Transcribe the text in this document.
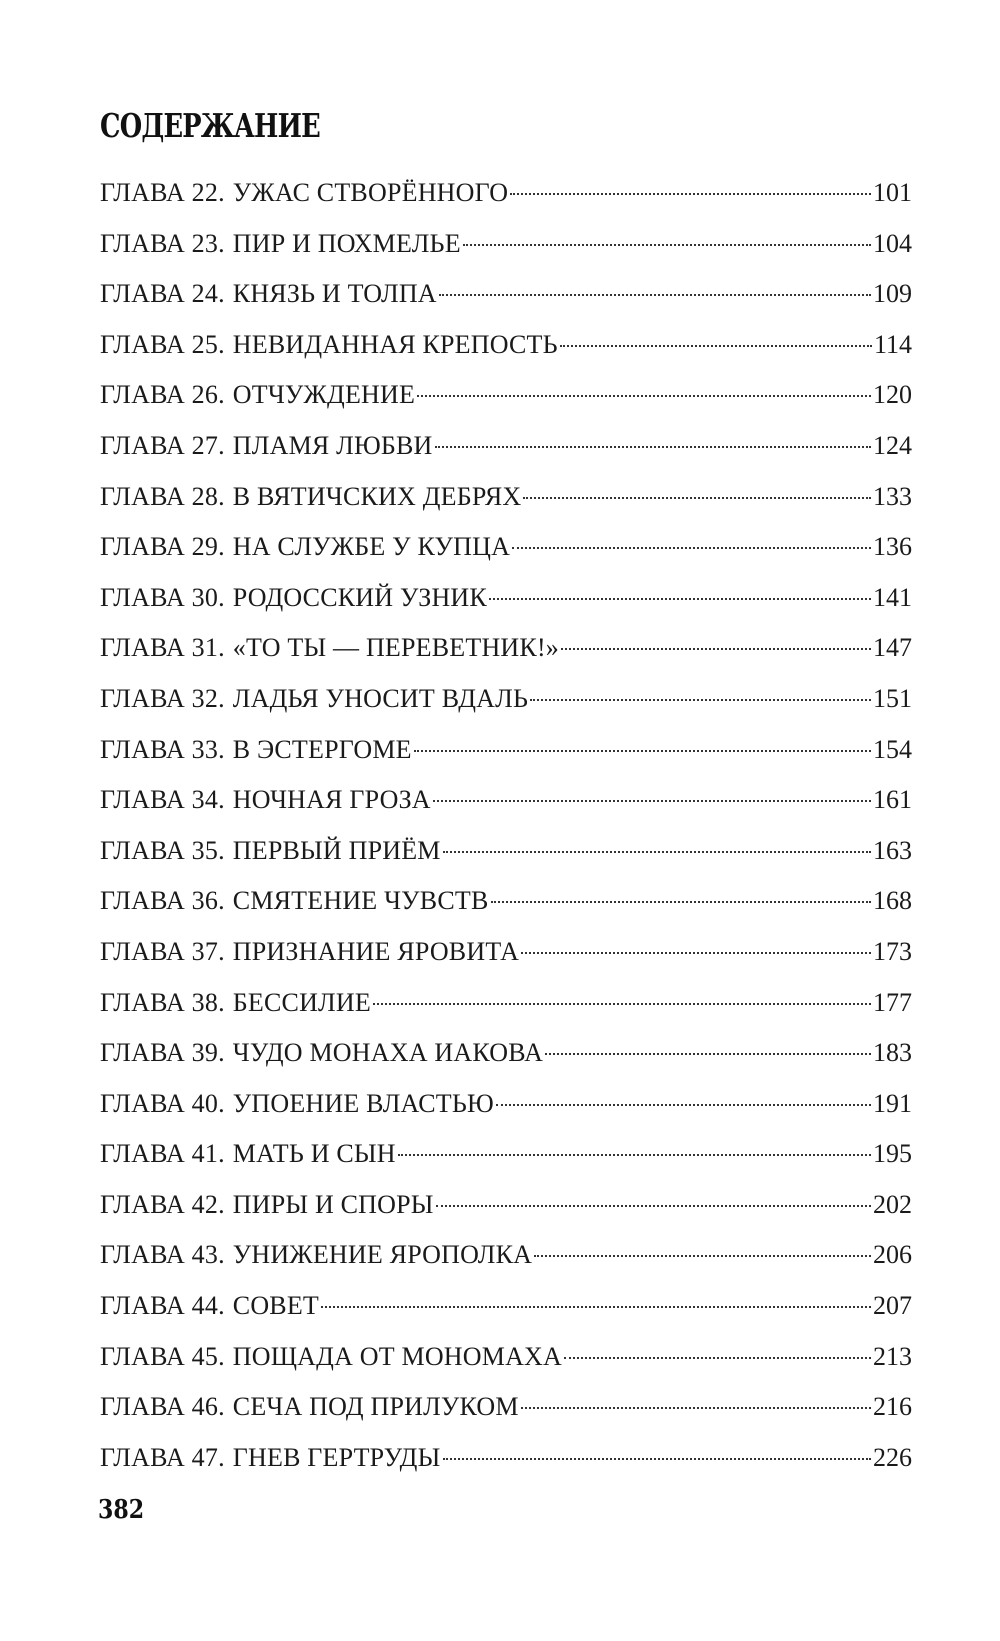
СОДЕРЖАНИЕ
ГЛАВА 22. УЖАС СТВОРЁННОГО	101
ГЛАВА 23. ПИР И ПОХМЕЛЬЕ	104
ГЛАВА 24. КНЯЗЬ И ТОЛПА	109
ГЛАВА 25. НЕВИДАННАЯ КРЕПОСТЬ	114
ГЛАВА 26. ОТЧУЖДЕНИЕ	120
ГЛАВА 27. ПЛАМЯ ЛЮБВИ	124
ГЛАВА 28. В ВЯТИЧСКИХ ДЕБРЯХ	133
ГЛАВА 29. НА СЛУЖБЕ У КУПЦА	136
ГЛАВА 30. РОДОССКИЙ УЗНИК	141
ГЛАВА 31. «ТО ТЫ — ПЕРЕВЕТНИК!»	147
ГЛАВА 32. ЛАДЬЯ УНОСИТ ВДАЛЬ	151
ГЛАВА 33. В ЭСТЕРГОМЕ	154
ГЛАВА 34. НОЧНАЯ ГРОЗА	161
ГЛАВА 35. ПЕРВЫЙ ПРИЁМ	163
ГЛАВА 36. СМЯТЕНИЕ ЧУВСТВ	168
ГЛАВА 37. ПРИЗНАНИЕ ЯРОВИТА	173
ГЛАВА 38. БЕССИЛИЕ	177
ГЛАВА 39. ЧУДО МОНАХА ИАКОВА	183
ГЛАВА 40. УПОЕНИЕ ВЛАСТЬЮ	191
ГЛАВА 41. МАТЬ И СЫН	195
ГЛАВА 42. ПИРЫ И СПОРЫ	202
ГЛАВА 43. УНИЖЕНИЕ ЯРОПОЛКА	206
ГЛАВА 44. СОВЕТ	207
ГЛАВА 45. ПОЩАДА ОТ МОНОМАХА	213
ГЛАВА 46. СЕЧА ПОД ПРИЛУКОМ	216
ГЛАВА 47. ГНЕВ ГЕРТРУДЫ	226
382
